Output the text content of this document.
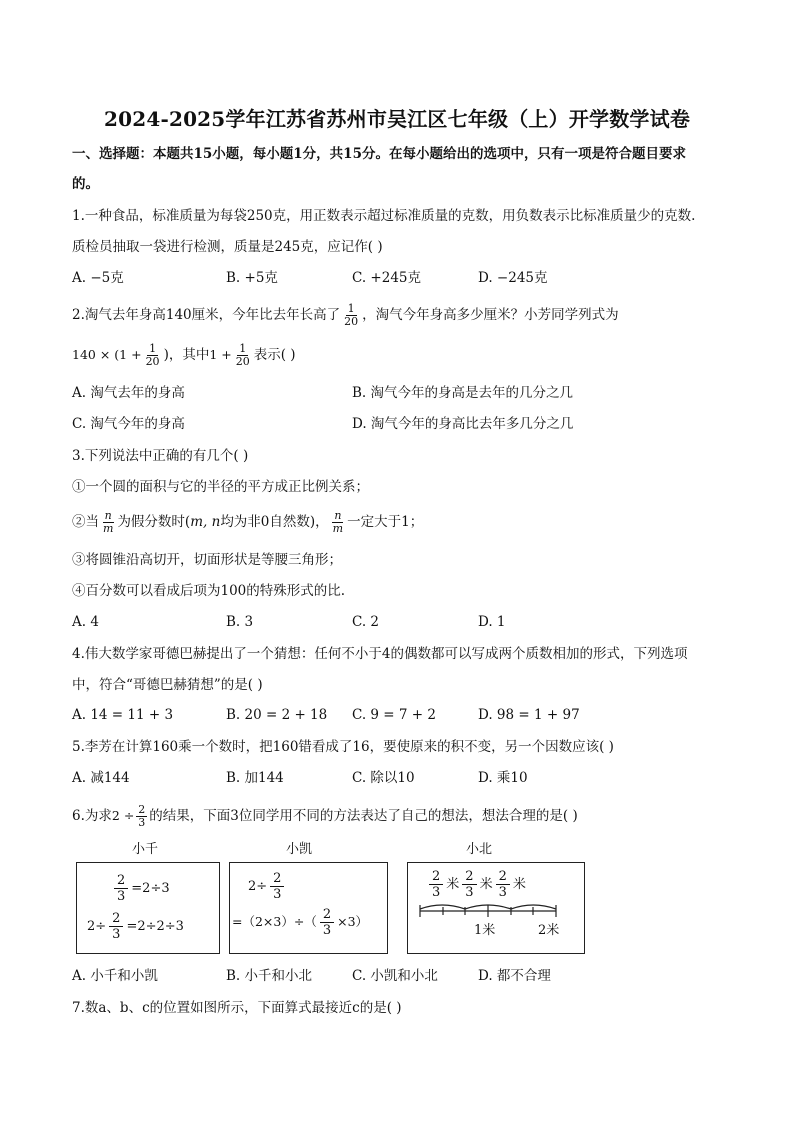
2024-2025学年江苏省苏州市吴江区七年级（上）开学数学试卷
一、选择题：本题共15小题，每小题1分，共15分。在每小题给出的选项中，只有一项是符合题目要求
的。
1.一种食品，标准质量为每袋250克，用正数表示超过标准质量的克数，用负数表示比标准质量少的克数.
质检员抽取一袋进行检测，质量是245克，应记作( )
A. −5克	B. +5克	C. +245克	D. −245克
2.淘气去年身高140厘米，今年比去年长高了 $\frac{1}{20}$ ，淘气今年身高多少厘米？小芳同学列式为
$140 \times (1 + \frac{1}{20}$ )，其中$1 + \frac{1}{20}$ 表示( )
A. 淘气去年的身高	B. 淘气今年的身高是去年的几分之几
C. 淘气今年的身高	D. 淘气今年的身高比去年多几分之几
3.下列说法中正确的有几个( )
①一个圆的面积与它的半径的平方成正比例关系；
②当 $\frac{n}{m}$ 为假分数时(m, n均为非0自然数)， $\frac{n}{m}$ 一定大于1；
③将圆锥沿高切开，切面形状是等腰三角形；
④百分数可以看成后项为100的特殊形式的比.
A. 4	B. 3	C. 2	D. 1
4.伟大数学家哥德巴赫提出了一个猜想：任何不小于4的偶数都可以写成两个质数相加的形式，下列选项
中，符合“哥德巴赫猜想”的是( )
A. 14 = 11 + 3	B. 20 = 2 + 18 C. 9 = 7 + 2	D. 98 = 1 + 97
5.李芳在计算160乘一个数时，把160错看成了16，要使原来的积不变，另一个因数应该( )
A. 减144	B. 加144	C. 除以10	D. 乘10
6.为求$2 \div \frac{2}{3}$ 的结果，下面3位同学用不同的方法表达了自己的想法，想法合理的是( )
小千	小凯	小北
$\frac{2}{3} =2\div 3$
$2\div \frac{2}{3} =2\div 2\div 3$
$2\div \frac{2}{3}$
$=(2\times 3)\div( \frac{2}{3} \times 3)$
$\frac{2}{3}$ 米 $\frac{2}{3}$ 米 $\frac{2}{3}$ 米
1米	2米
A. 小千和小凯	B. 小千和小北	C. 小凯和小北	D. 都不合理
7.数a、b、c的位置如图所示，下面算式最接近c的是( )
